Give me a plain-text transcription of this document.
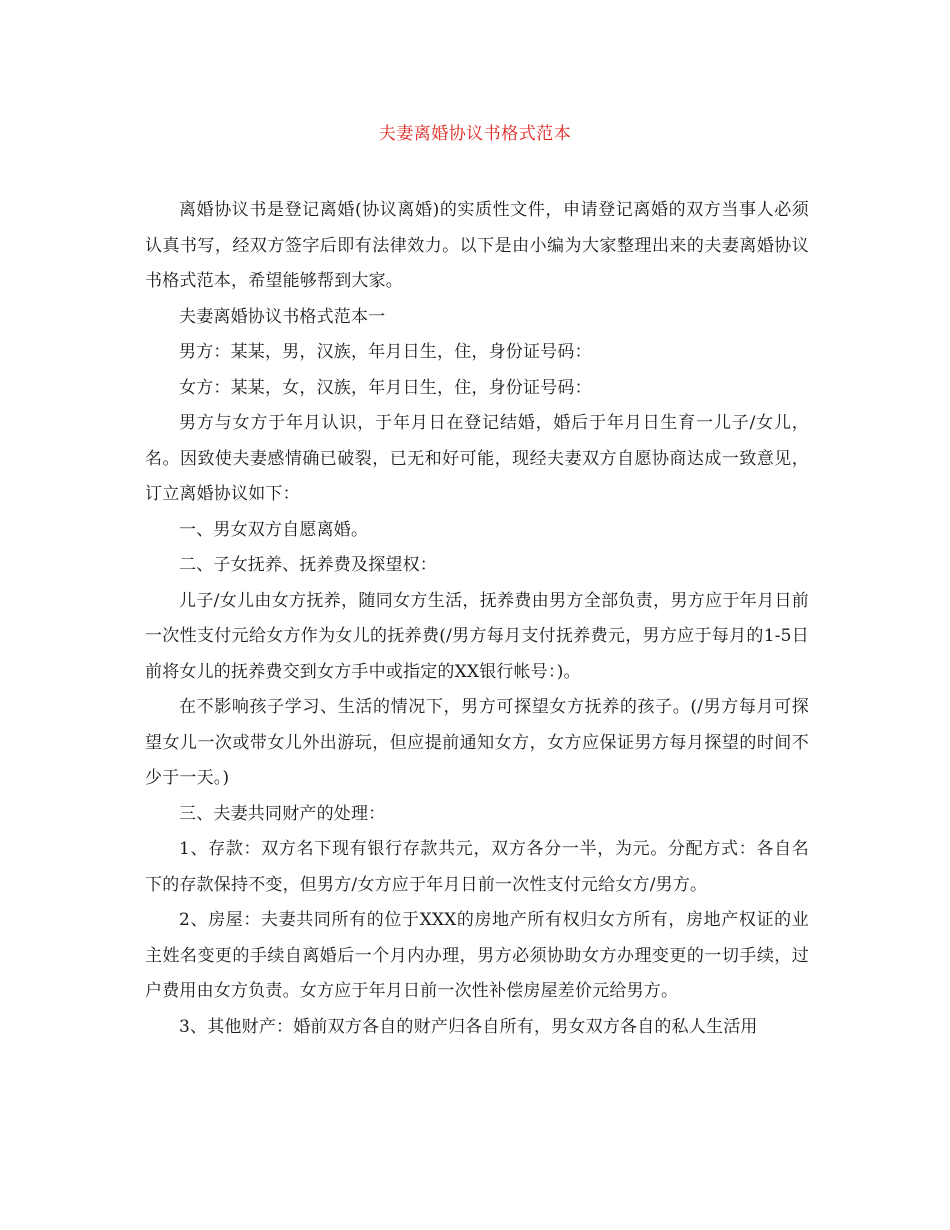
夫妻离婚协议书格式范本

离婚协议书是登记离婚(协议离婚)的实质性文件，申请登记离婚的双方当事人必须认真书写，经双方签字后即有法律效力。以下是由小编为大家整理出来的夫妻离婚协议书格式范本，希望能够帮到大家。

夫妻离婚协议书格式范本一

男方：某某，男，汉族，年月日生，住，身份证号码：

女方：某某，女，汉族，年月日生，住，身份证号码：

男方与女方于年月认识，于年月日在登记结婚，婚后于年月日生育一儿子/女儿，名。因致使夫妻感情确已破裂，已无和好可能，现经夫妻双方自愿协商达成一致意见，订立离婚协议如下：

一、男女双方自愿离婚。

二、子女抚养、抚养费及探望权：

儿子/女儿由女方抚养，随同女方生活，抚养费由男方全部负责，男方应于年月日前一次性支付元给女方作为女儿的抚养费(/男方每月支付抚养费元，男方应于每月的1-5日前将女儿的抚养费交到女方手中或指定的XX银行帐号：)。

在不影响孩子学习、生活的情况下，男方可探望女方抚养的孩子。(/男方每月可探望女儿一次或带女儿外出游玩，但应提前通知女方，女方应保证男方每月探望的时间不少于一天。)

三、夫妻共同财产的处理：

1、存款：双方名下现有银行存款共元，双方各分一半，为元。分配方式：各自名下的存款保持不变，但男方/女方应于年月日前一次性支付元给女方/男方。

2、房屋：夫妻共同所有的位于XXX的房地产所有权归女方所有，房地产权证的业主姓名变更的手续自离婚后一个月内办理，男方必须协助女方办理变更的一切手续，过户费用由女方负责。女方应于年月日前一次性补偿房屋差价元给男方。

3、其他财产：婚前双方各自的财产归各自所有，男女双方各自的私人生活用
